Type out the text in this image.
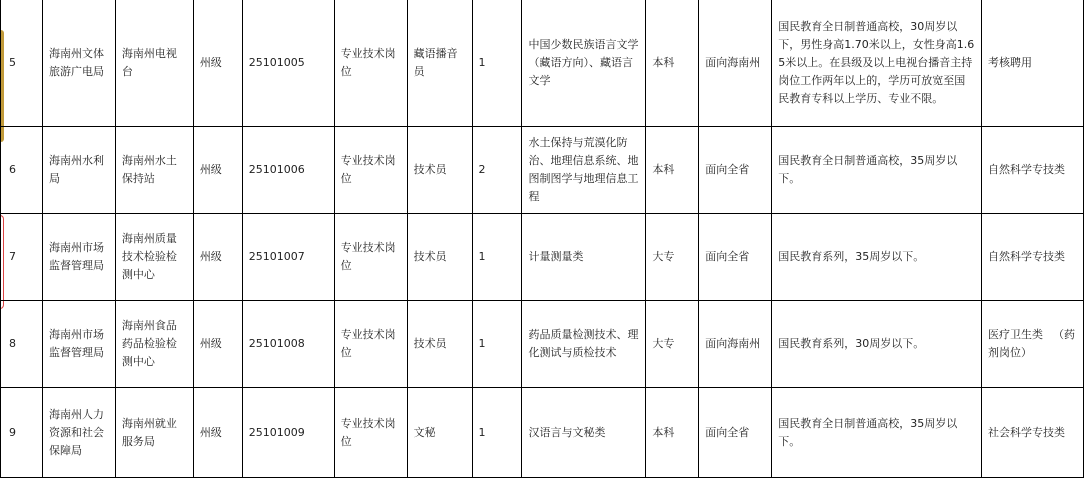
5	海南州文体旅游广电局	海南州电视台	州级	25101005	专业技术岗位	藏语播音员	1	中国少数民族语言文学（藏语方向）、藏语言文学	本科	面向海南州	国民教育全日制普通高校，30周岁以下，男性身高1.70米以上，女性身高1.65米以上。在县级及以上电视台播音主持岗位工作两年以上的，学历可放宽至国民教育专科以上学历、专业不限。	考核聘用
6	海南州水利局	海南州水土保持站	州级	25101006	专业技术岗位	技术员	2	水土保持与荒漠化防治、地理信息系统、地图制图学与地理信息工程	本科	面向全省	国民教育全日制普通高校，35周岁以下。	自然科学专技类
7	海南州市场监督管理局	海南州质量技术检验检测中心	州级	25101007	专业技术岗位	技术员	1	计量测量类	大专	面向全省	国民教育系列，35周岁以下。	自然科学专技类
8	海南州市场监督管理局	海南州食品药品检验检测中心	州级	25101008	专业技术岗位	技术员	1	药品质量检测技术、理化测试与质检技术	大专	面向海南州	国民教育系列，30周岁以下。	医疗卫生类 （药
剂岗位）

9	海南州人力资源和社会保障局	海南州就业服务局	州级	25101009	专业技术岗位	文秘	1	汉语言与文秘类	本科	面向全省	国民教育全日制普通高校，35周岁以下。	社会科学专技类
